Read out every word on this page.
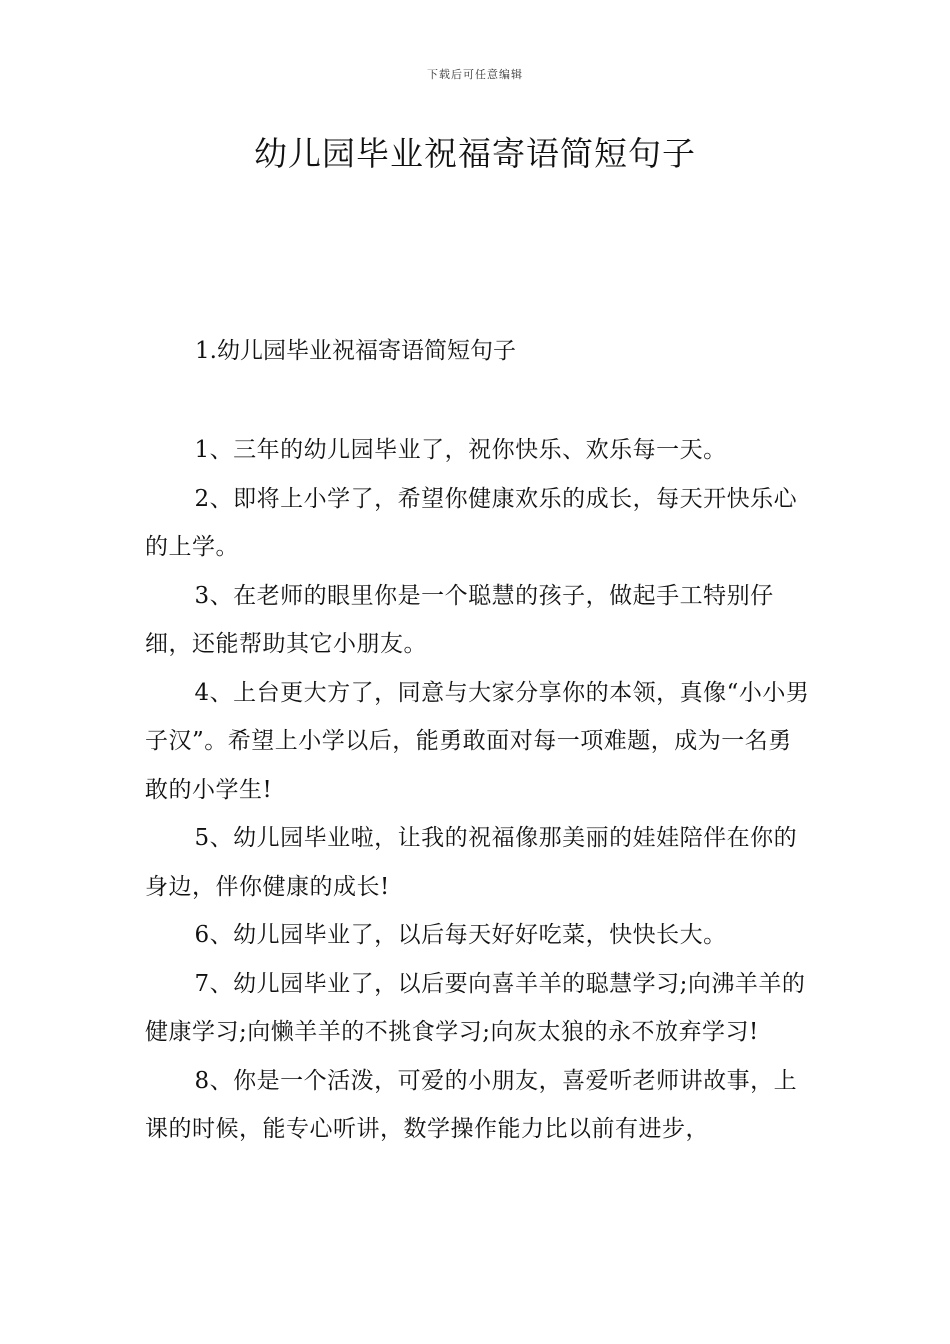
下载后可任意编辑
幼儿园毕业祝福寄语简短句子
1.幼儿园毕业祝福寄语简短句子

1、三年的幼儿园毕业了，祝你快乐、欢乐每一天。

2、即将上小学了，希望你健康欢乐的成长，每天开快乐心的上学。

3、在老师的眼里你是一个聪慧的孩子，做起手工特别仔细，还能帮助其它小朋友。

4、上台更大方了，同意与大家分享你的本领，真像“小小男子汉”。希望上小学以后，能勇敢面对每一项难题，成为一名勇敢的小学生!

5、幼儿园毕业啦，让我的祝福像那美丽的娃娃陪伴在你的身边，伴你健康的成长!

6、幼儿园毕业了，以后每天好好吃菜，快快长大。

7、幼儿园毕业了，以后要向喜羊羊的聪慧学习;向沸羊羊的健康学习;向懒羊羊的不挑食学习;向灰太狼的永不放弃学习!

8、你是一个活泼，可爱的小朋友，喜爱听老师讲故事，上课的时候，能专心听讲，数学操作能力比以前有进步，
